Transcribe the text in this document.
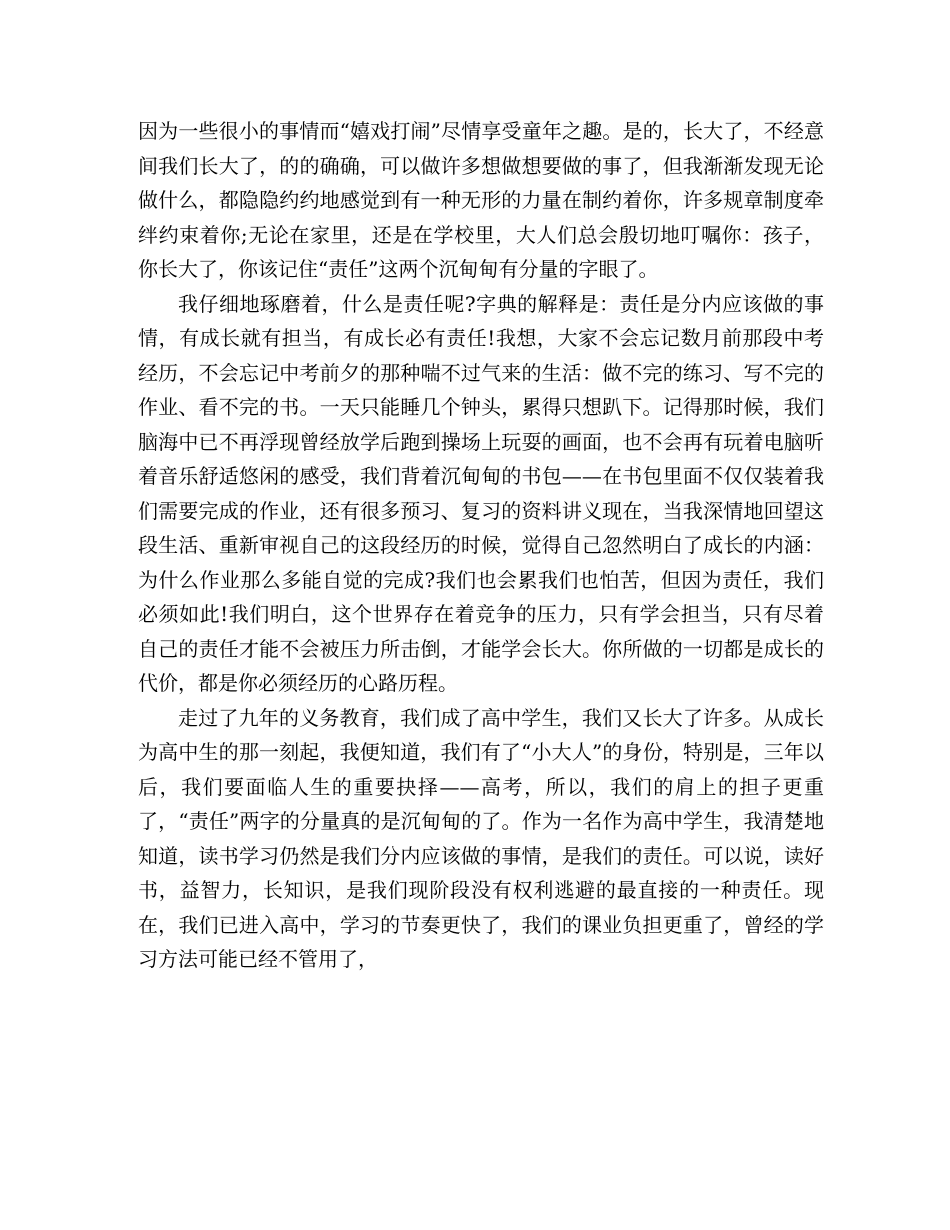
因为一些很小的事情而“嬉戏打闹”尽情享受童年之趣。是的，长大了，不经意间我们长大了，的的确确，可以做许多想做想要做的事了，但我渐渐发现无论做什么，都隐隐约约地感觉到有一种无形的力量在制约着你，许多规章制度牵绊约束着你;无论在家里，还是在学校里，大人们总会殷切地叮嘱你：孩子，你长大了，你该记住“责任”这两个沉甸甸有分量的字眼了。

我仔细地琢磨着，什么是责任呢?字典的解释是：责任是分内应该做的事情，有成长就有担当，有成长必有责任!我想，大家不会忘记数月前那段中考经历，不会忘记中考前夕的那种喘不过气来的生活：做不完的练习、写不完的作业、看不完的书。一天只能睡几个钟头，累得只想趴下。记得那时候，我们脑海中已不再浮现曾经放学后跑到操场上玩耍的画面，也不会再有玩着电脑听着音乐舒适悠闲的感受，我们背着沉甸甸的书包——在书包里面不仅仅装着我们需要完成的作业，还有很多预习、复习的资料讲义现在，当我深情地回望这段生活、重新审视自己的这段经历的时候，觉得自己忽然明白了成长的内涵：为什么作业那么多能自觉的完成?我们也会累我们也怕苦，但因为责任，我们必须如此!我们明白，这个世界存在着竞争的压力，只有学会担当，只有尽着自己的责任才能不会被压力所击倒，才能学会长大。你所做的一切都是成长的代价，都是你必须经历的心路历程。

走过了九年的义务教育，我们成了高中学生，我们又长大了许多。从成长为高中生的那一刻起，我便知道，我们有了“小大人”的身份，特别是，三年以后，我们要面临人生的重要抉择——高考，所以，我们的肩上的担子更重了，“责任”两字的分量真的是沉甸甸的了。作为一名作为高中学生，我清楚地知道，读书学习仍然是我们分内应该做的事情，是我们的责任。可以说，读好书，益智力，长知识，是我们现阶段没有权利逃避的最直接的一种责任。现在，我们已进入高中，学习的节奏更快了，我们的课业负担更重了，曾经的学习方法可能已经不管用了，
